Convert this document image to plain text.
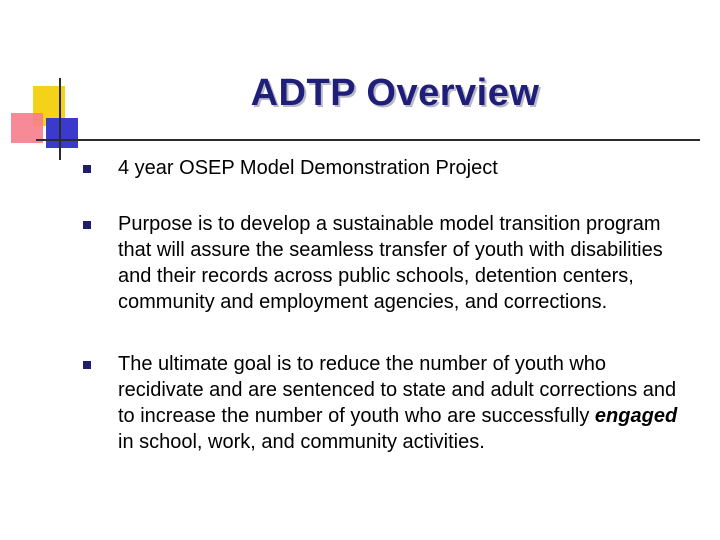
ADTP Overview
4 year OSEP Model Demonstration Project
Purpose is to develop a sustainable model transition program that will assure the seamless transfer of youth with disabilities and their records across public schools, detention centers, community and employment agencies, and corrections.
The ultimate goal is to reduce the number of youth who recidivate and are sentenced to state and adult corrections and to increase the number of youth who are successfully engaged in school, work, and community activities.
